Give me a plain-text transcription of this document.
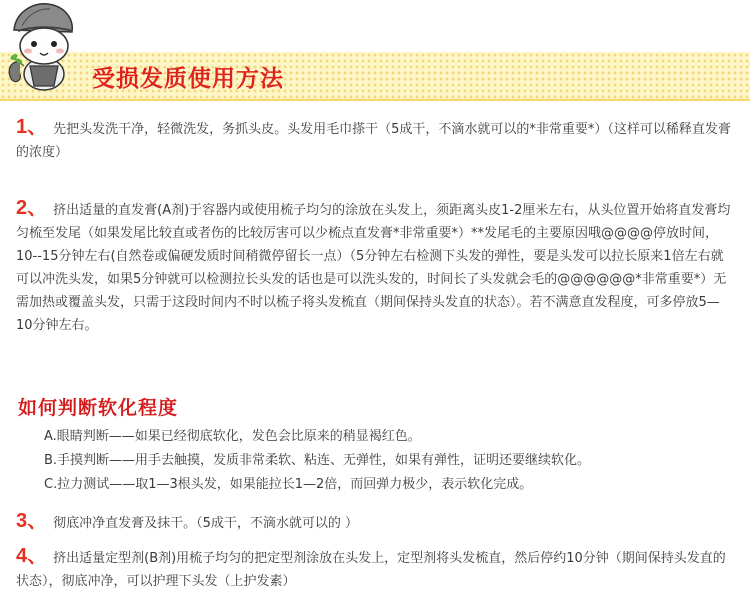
受损发质使用方法
1、 先把头发洗干净，轻微洗发，务抓头皮。头发用毛巾搽干（5成干，不滴水就可以的*非常重要*）（这样可以稀释直发膏的浓度）
2、 挤出适量的直发膏(A剂)于容器内或使用梳子均匀的涂放在头发上，须距离头皮1-2厘米左右，从头位置开始将直发膏均匀梳至发尾（如果发尾比较直或者伤的比较厉害可以少梳点直发膏*非常重要*）**发尾毛的主要原因哦@@@@停放时间，10--15分钟左右(自然卷或偏硬发质时间稍微停留长一点）（5分钟左右检测下头发的弹性，要是头发可以拉长原来1倍左右就可以冲洗头发，如果5分钟就可以检测拉长头发的话也是可以洗头发的，时间长了头发就会毛的@@@@@@*非常重要*）无需加热或覆盖头发，只需于这段时间内不时以梳子将头发梳直（期间保持头发直的状态）。若不满意直发程度，可多停放5—10分钟左右。
如何判断软化程度
A.眼睛判断——如果已经彻底软化，发色会比原来的稍显褐红色。
B.手摸判断——用手去触摸，发质非常柔软、粘连、无弹性，如果有弹性，证明还要继续软化。
C.拉力测试——取1—3根头发，如果能拉长1—2倍，而回弹力极少，表示软化完成。
3、 彻底冲净直发膏及抹干。（5成干，不滴水就可以的 ）
4、 挤出适量定型剂(B剂)用梳子均匀的把定型剂涂放在头发上，定型剂将头发梳直，然后停约10分钟（期间保持头发直的状态），彻底冲净，可以护理下头发（上护发素）
